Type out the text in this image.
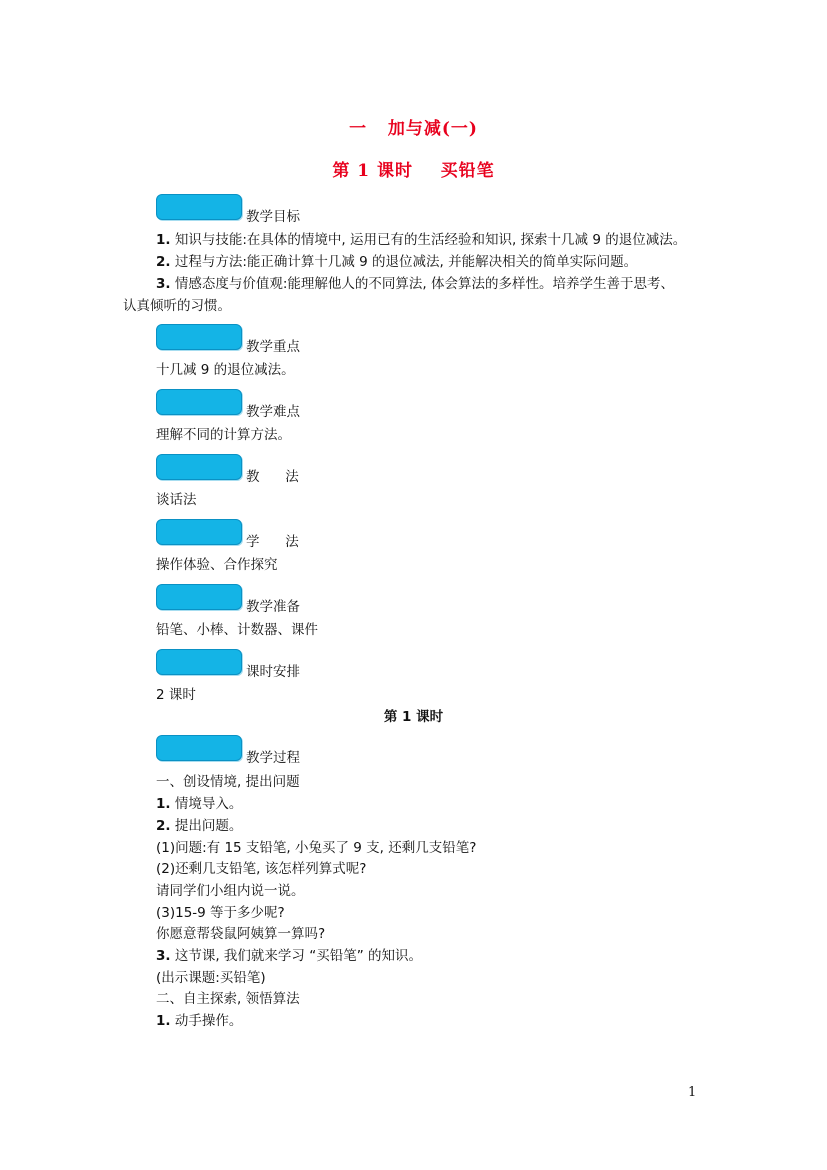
一   加与减(一)
第 1 课时    买铅笔
教学目标
1. 知识与技能:在具体的情境中, 运用已有的生活经验和知识, 探索十几减 9 的退位减法。
2. 过程与方法:能正确计算十几减 9 的退位减法, 并能解决相关的简单实际问题。
3. 情感态度与价值观:能理解他人的不同算法, 体会算法的多样性。培养学生善于思考、
认真倾听的习惯。
教学重点
十几减 9 的退位减法。
教学难点
理解不同的计算方法。
教      法
谈话法
学      法
操作体验、合作探究
教学准备
铅笔、小棒、计数器、课件
课时安排
2 课时
第 1 课时
教学过程
一、创设情境, 提出问题
1. 情境导入。
2. 提出问题。
(1)问题:有 15 支铅笔, 小兔买了 9 支, 还剩几支铅笔?
(2)还剩几支铅笔, 该怎样列算式呢?
请同学们小组内说一说。
(3)15-9 等于多少呢?
你愿意帮袋鼠阿姨算一算吗?
3. 这节课, 我们就来学习 “买铅笔” 的知识。
(出示课题:买铅笔)
二、自主探索, 领悟算法
1. 动手操作。
1
